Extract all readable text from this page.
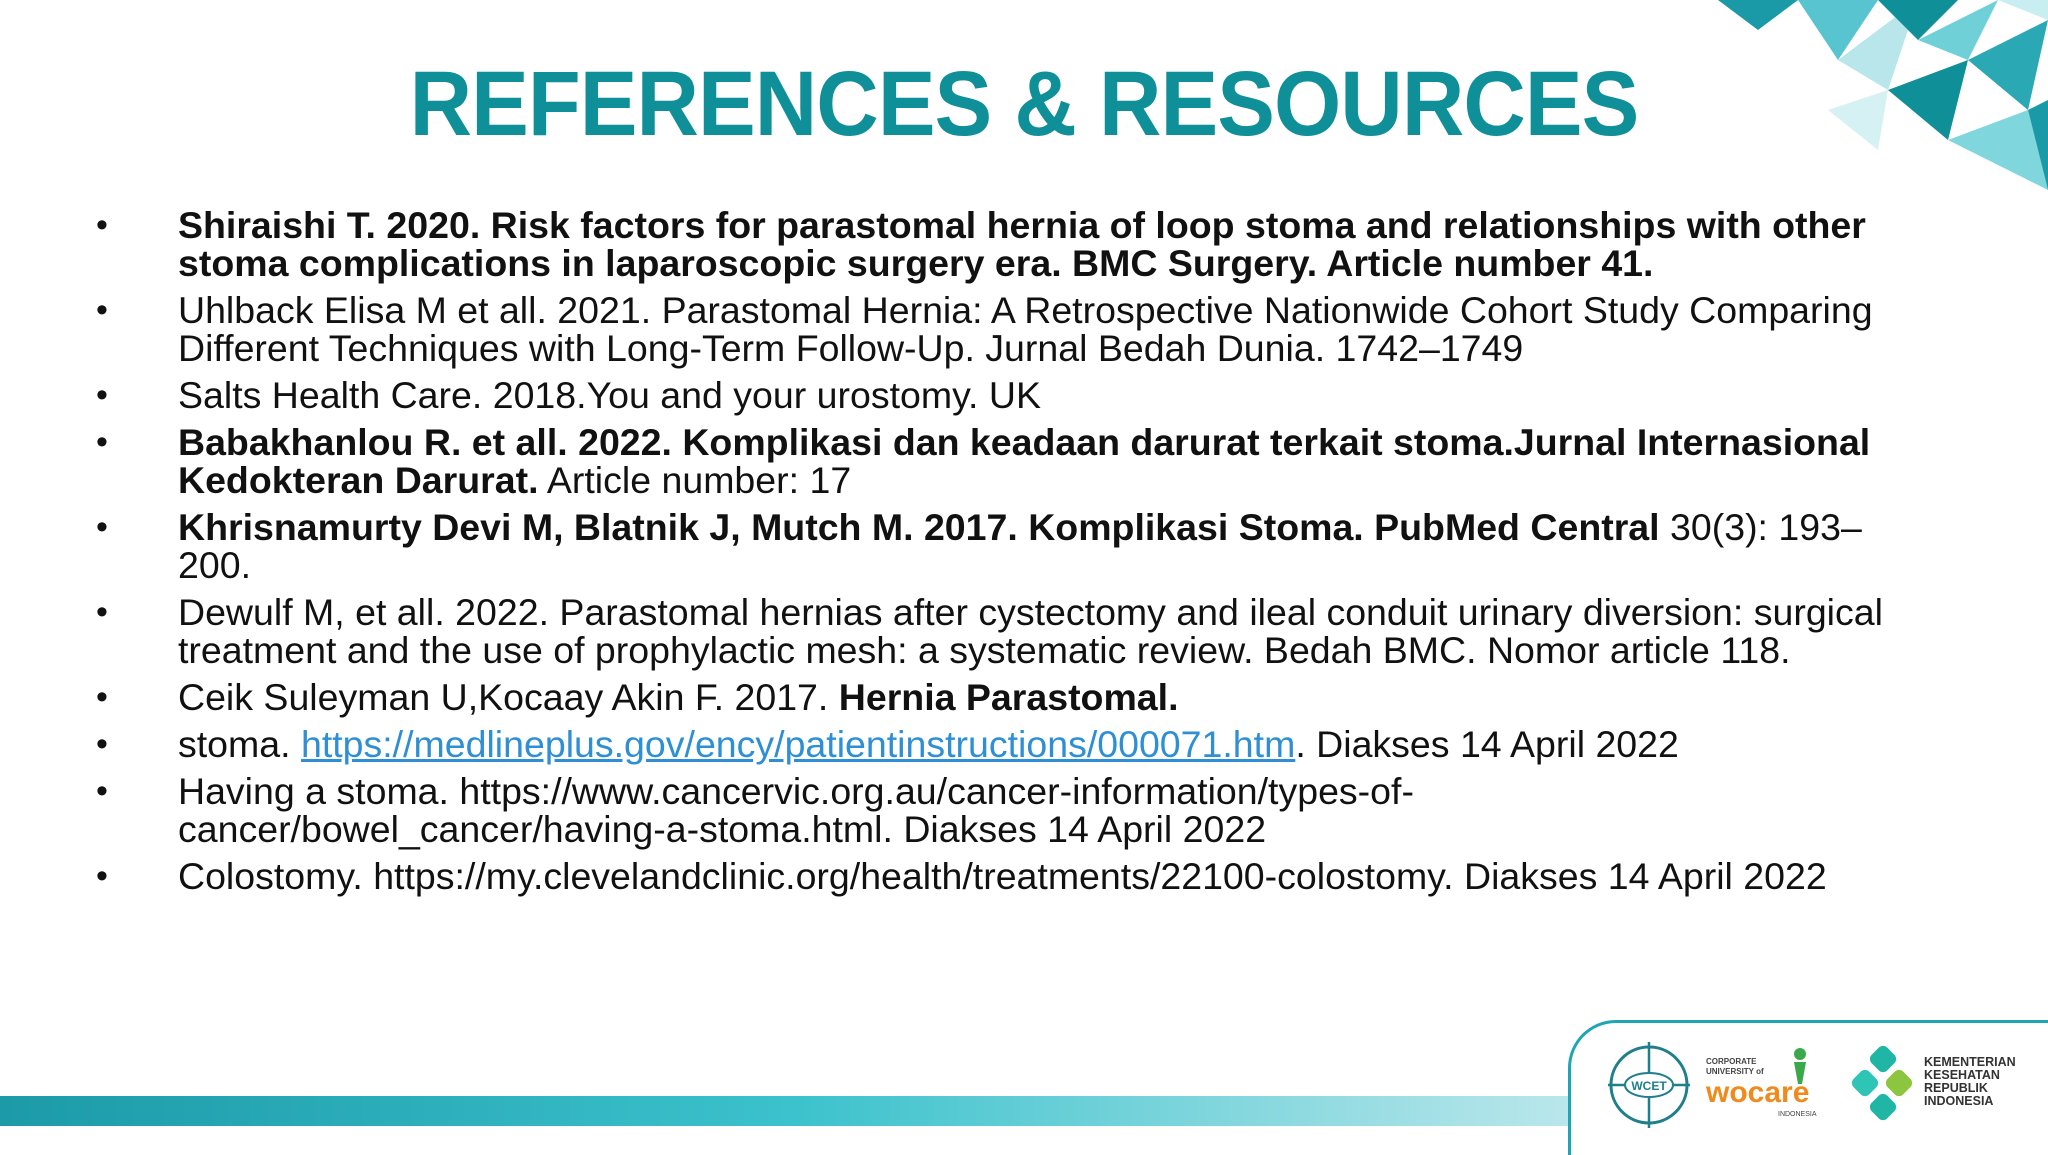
REFERENCES & RESOURCES
•	Shiraishi T. 2020. Risk factors for parastomal hernia of loop stoma and relationships with other stoma complications in laparoscopic surgery era. BMC Surgery. Article number 41.
•	Uhlback Elisa M et all. 2021. Parastomal Hernia: A Retrospective Nationwide Cohort Study Comparing Different Techniques with Long-Term Follow-Up. Jurnal Bedah Dunia. 1742–1749
•	Salts Health Care. 2018.You and your urostomy. UK
•	Babakhanlou R. et all. 2022. Komplikasi dan keadaan darurat terkait stoma.Jurnal Internasional Kedokteran Darurat. Article number: 17
•	Khrisnamurty Devi M, Blatnik J, Mutch M. 2017. Komplikasi Stoma. PubMed Central 30(3): 193–200.
•	Dewulf M, et all. 2022. Parastomal hernias after cystectomy and ileal conduit urinary diversion: surgical treatment and the use of prophylactic mesh: a systematic review. Bedah BMC. Nomor article 118.
•	Ceik Suleyman U,Kocaay Akin F. 2017. Hernia Parastomal.
•	stoma. https://medlineplus.gov/ency/patientinstructions/000071.htm. Diakses 14 April 2022
•	Having a stoma. https://www.cancervic.org.au/cancer-information/types-of-cancer/bowel_cancer/having-a-stoma.html. Diakses 14 April 2022
•	Colostomy. https://my.clevelandclinic.org/health/treatments/22100-colostomy. Diakses 14 April 2022
WCET
CORPORATE
UNIVERSITY of
wocare
INDONESIA
KEMENTERIAN
KESEHATAN
REPUBLIK
INDONESIA
